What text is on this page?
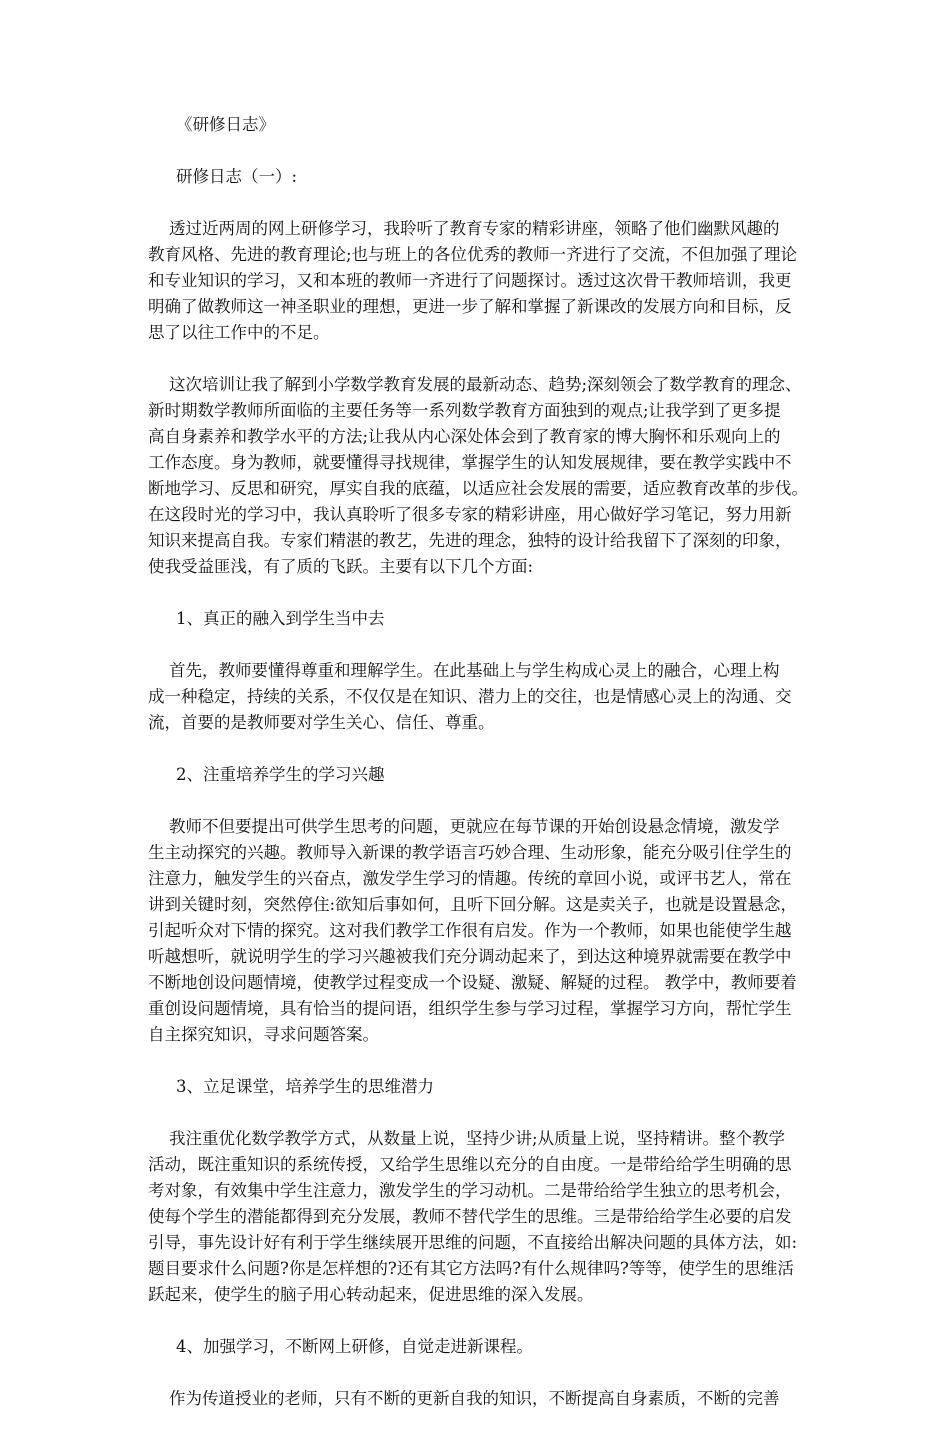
《研修日志》

研修日志（一）:

透过近两周的网上研修学习，我聆听了教育专家的精彩讲座，领略了他们幽默风趣的
教育风格、先进的教育理论;也与班上的各位优秀的教师一齐进行了交流，不但加强了理论
和专业知识的学习，又和本班的教师一齐进行了问题探讨。透过这次骨干教师培训，我更
明确了做教师这一神圣职业的理想，更进一步了解和掌握了新课改的发展方向和目标，反
思了以往工作中的不足。
这次培训让我了解到小学数学教育发展的最新动态、趋势;深刻领会了数学教育的理念、
新时期数学教师所面临的主要任务等一系列数学教育方面独到的观点;让我学到了更多提
高自身素养和教学水平的方法;让我从内心深处体会到了教育家的博大胸怀和乐观向上的
工作态度。身为教师，就要懂得寻找规律，掌握学生的认知发展规律，要在教学实践中不
断地学习、反思和研究，厚实自我的底蕴，以适应社会发展的需要，适应教育改革的步伐。
在这段时光的学习中，我认真聆听了很多专家的精彩讲座，用心做好学习笔记，努力用新
知识来提高自我。专家们精湛的教艺，先进的理念，独特的设计给我留下了深刻的印象，
使我受益匪浅，有了质的飞跃。主要有以下几个方面:

1、真正的融入到学生当中去

首先，教师要懂得尊重和理解学生。在此基础上与学生构成心灵上的融合，心理上构
成一种稳定，持续的关系，不仅仅是在知识、潜力上的交往，也是情感心灵上的沟通、交
流，首要的是教师要对学生关心、信任、尊重。

2、注重培养学生的学习兴趣

教师不但要提出可供学生思考的问题，更就应在每节课的开始创设悬念情境，激发学
生主动探究的兴趣。教师导入新课的教学语言巧妙合理、生动形象，能充分吸引住学生的
注意力，触发学生的兴奋点，激发学生学习的情趣。传统的章回小说，或评书艺人，常在
讲到关键时刻，突然停住:欲知后事如何，且听下回分解。这是卖关子，也就是设置悬念，
引起听众对下情的探究。这对我们教学工作很有启发。作为一个教师，如果也能使学生越
听越想听，就说明学生的学习兴趣被我们充分调动起来了，到达这种境界就需要在教学中
不断地创设问题情境，使教学过程变成一个设疑、激疑、解疑的过程。 教学中，教师要着
重创设问题情境，具有恰当的提问语，组织学生参与学习过程，掌握学习方向，帮忙学生
自主探究知识，寻求问题答案。

3、立足课堂，培养学生的思维潜力

我注重优化数学教学方式，从数量上说，坚持少讲;从质量上说，坚持精讲。整个教学
活动，既注重知识的系统传授，又给学生思维以充分的自由度。一是带给给学生明确的思
考对象，有效集中学生注意力，激发学生的学习动机。二是带给给学生独立的思考机会，
使每个学生的潜能都得到充分发展，教师不替代学生的思维。三是带给给学生必要的启发
引导，事先设计好有利于学生继续展开思维的问题，不直接给出解决问题的具体方法，如:
题目要求什么问题?你是怎样想的?还有其它方法吗?有什么规律吗?等等，使学生的思维活
跃起来，使学生的脑子用心转动起来，促进思维的深入发展。

4、加强学习，不断网上研修，自觉走进新课程。

作为传道授业的老师，只有不断的更新自我的知识，不断提高自身素质，不断的完善
